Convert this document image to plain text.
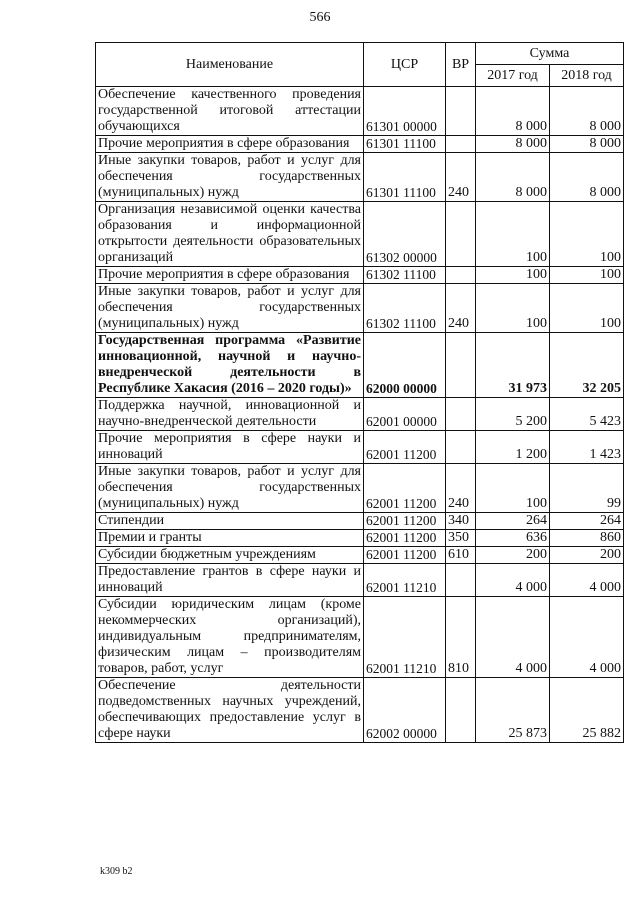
566
Наименование	ЦСР	ВР	Сумма	
			2017 год	2018 год
Обеспечение качественного проведения государственной итоговой аттестации обучающихся	61301 00000		8 000	8 000
Прочие мероприятия в сфере образования	61301 11100		8 000	8 000
Иные закупки товаров, работ и услуг для обеспечения государственных (муниципальных) нужд	61301 11100	240	8 000	8 000
Организация независимой оценки качества образования и информационной открытости деятельности образовательных организаций	61302 00000		100	100
Прочие мероприятия в сфере образования	61302 11100		100	100
Иные закупки товаров, работ и услуг для обеспечения государственных (муниципальных) нужд	61302 11100	240	100	100
Государственная программа «Развитие инновационной, научной и научно-внедренческой деятельности в Республике Хакасия (2016 – 2020 годы)»	62000 00000		31 973	32 205
Поддержка научной, инновационной и научно-внедренческой деятельности	62001 00000		5 200	5 423
Прочие мероприятия в сфере науки и инноваций	62001 11200		1 200	1 423
Иные закупки товаров, работ и услуг для обеспечения государственных (муниципальных) нужд	62001 11200	240	100	99
Стипендии	62001 11200	340	264	264
Премии и гранты	62001 11200	350	636	860
Субсидии бюджетным учреждениям	62001 11200	610	200	200
Предоставление грантов в сфере науки и инноваций	62001 11210		4 000	4 000
Субсидии юридическим лицам (кроме некоммерческих организаций), индивидуальным предпринимателям, физическим лицам – производителям товаров, работ, услуг	62001 11210	810	4 000	4 000
Обеспечение деятельности подведомственных научных учреждений, обеспечивающих предоставление услуг в сфере науки	62002 00000		25 873	25 882
k309 b2
